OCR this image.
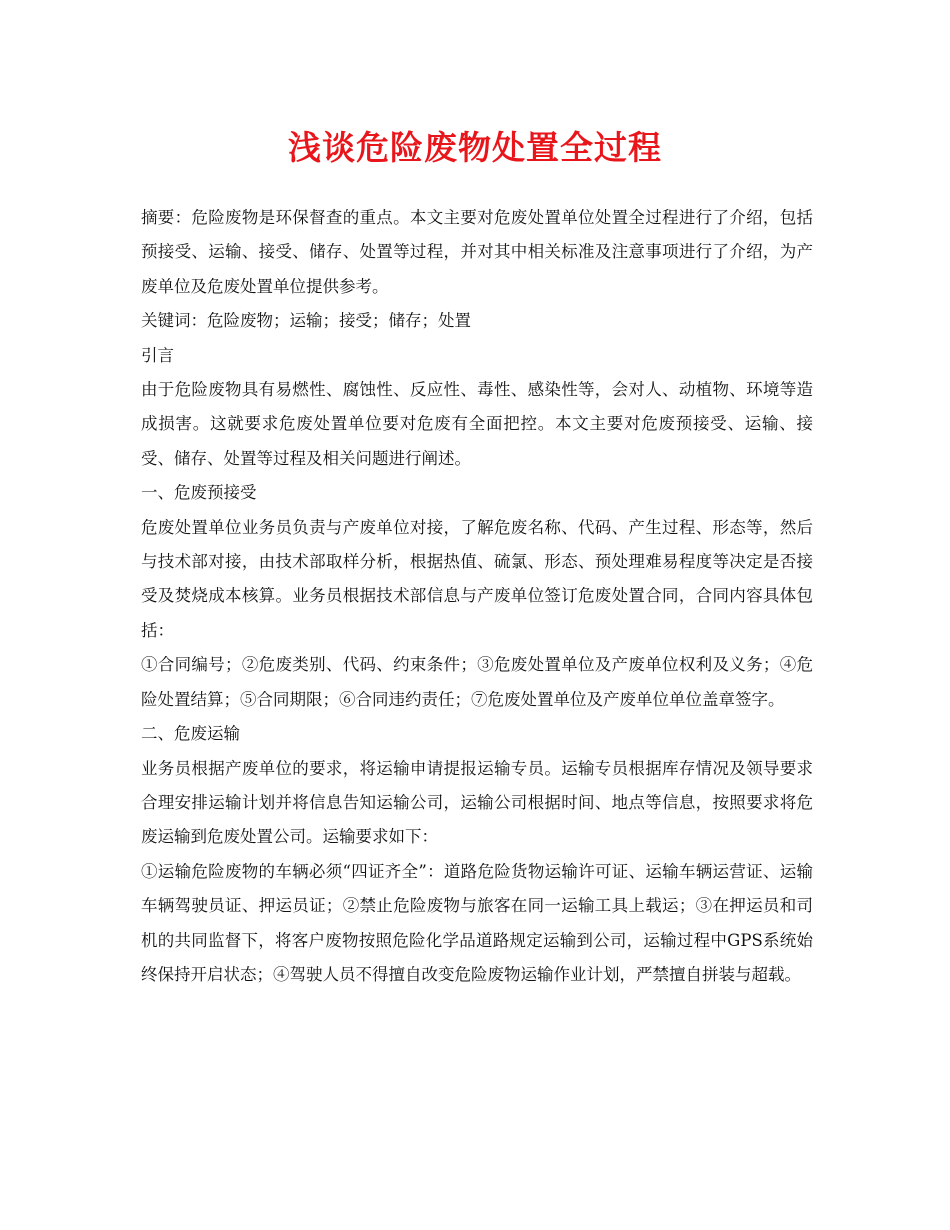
浅谈危险废物处置全过程

摘要：危险废物是环保督查的重点。本文主要对危废处置单位处置全过程进行了介绍，包括预接受、运输、接受、储存、处置等过程，并对其中相关标准及注意事项进行了介绍，为产废单位及危废处置单位提供参考。

关键词：危险废物；运输；接受；储存；处置

引言

由于危险废物具有易燃性、腐蚀性、反应性、毒性、感染性等，会对人、动植物、环境等造成损害。这就要求危废处置单位要对危废有全面把控。本文主要对危废预接受、运输、接受、储存、处置等过程及相关问题进行阐述。

一、危废预接受

危废处置单位业务员负责与产废单位对接，了解危废名称、代码、产生过程、形态等，然后与技术部对接，由技术部取样分析，根据热值、硫氯、形态、预处理难易程度等决定是否接受及焚烧成本核算。业务员根据技术部信息与产废单位签订危废处置合同，合同内容具体包括：

①合同编号；②危废类别、代码、约束条件；③危废处置单位及产废单位权利及义务；④危险处置结算；⑤合同期限；⑥合同违约责任；⑦危废处置单位及产废单位单位盖章签字。

二、危废运输

业务员根据产废单位的要求，将运输申请提报运输专员。运输专员根据库存情况及领导要求合理安排运输计划并将信息告知运输公司，运输公司根据时间、地点等信息，按照要求将危废运输到危废处置公司。运输要求如下：

①运输危险废物的车辆必须“四证齐全”：道路危险货物运输许可证、运输车辆运营证、运输车辆驾驶员证、押运员证；②禁止危险废物与旅客在同一运输工具上载运；③在押运员和司机的共同监督下，将客户废物按照危险化学品道路规定运输到公司，运输过程中GPS系统始终保持开启状态；④驾驶人员不得擅自改变危险废物运输作业计划，严禁擅自拼装与超载。
